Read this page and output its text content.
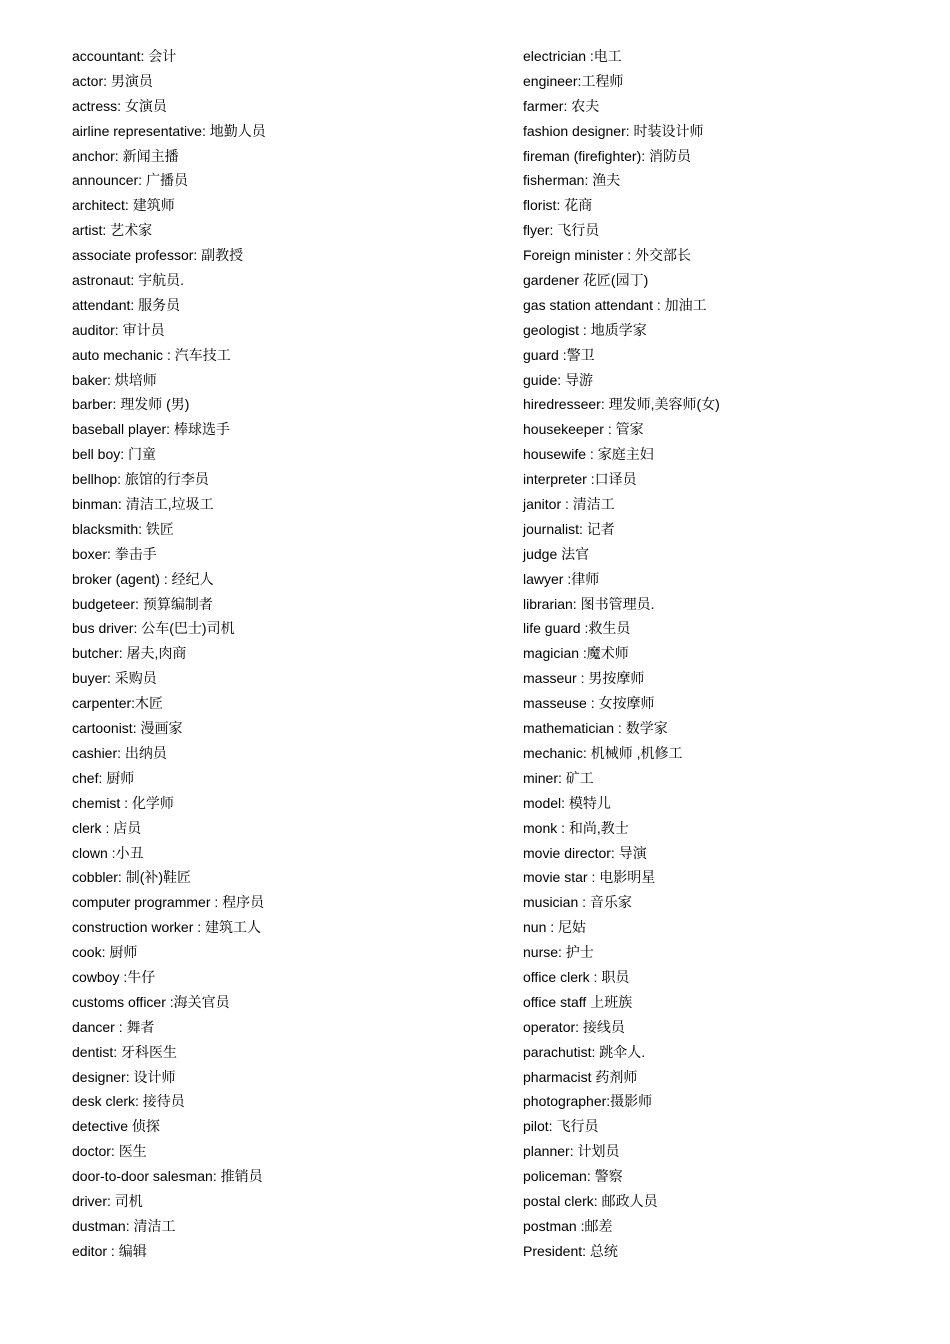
accountant: 会计
actor: 男演员
actress: 女演员
airline representative: 地勤人员
anchor: 新闻主播
announcer: 广播员
architect: 建筑师
artist: 艺术家
associate professor: 副教授
astronaut: 宇航员.
attendant: 服务员
auditor: 审计员
auto mechanic : 汽车技工
baker: 烘培师
barber: 理发师 (男)
baseball player: 棒球选手
bell boy: 门童
bellhop: 旅馆的行李员
binman: 清洁工,垃圾工
blacksmith: 铁匠
boxer: 拳击手
broker (agent) : 经纪人
budgeteer: 预算编制者
bus driver: 公车(巴士)司机
butcher: 屠夫,肉商
buyer: 采购员
carpenter:木匠
cartoonist: 漫画家
cashier: 出纳员
chef: 厨师
chemist : 化学师
clerk : 店员
clown :小丑
cobbler: 制(补)鞋匠
computer programmer : 程序员
construction worker : 建筑工人
cook: 厨师
cowboy :牛仔
customs officer :海关官员
dancer : 舞者
dentist: 牙科医生
designer: 设计师
desk clerk: 接待员
detective 侦探
doctor: 医生
door-to-door salesman: 推销员
driver: 司机
dustman: 清洁工
editor : 编辑
electrician :电工
engineer:工程师
farmer: 农夫
fashion designer: 时装设计师
fireman (firefighter): 消防员
fisherman: 渔夫
florist: 花商
flyer: 飞行员
Foreign minister : 外交部长
gardener 花匠(园丁)
gas station attendant : 加油工
geologist : 地质学家
guard :警卫
guide: 导游
hiredresseer: 理发师,美容师(女)
housekeeper : 管家
housewife : 家庭主妇
interpreter :口译员
janitor : 清洁工
journalist: 记者
judge 法官
lawyer :律师
librarian: 图书管理员.
life guard :救生员
magician :魔术师
masseur : 男按摩师
masseuse : 女按摩师
mathematician : 数学家
mechanic: 机械师 ,机修工
miner: 矿工
model: 模特儿
monk : 和尚,教士
movie director: 导演
movie star : 电影明星
musician : 音乐家
nun : 尼姑
nurse: 护士
office clerk : 职员
office staff 上班族
operator: 接线员
parachutist: 跳伞人.
pharmacist 药剂师
photographer:摄影师
pilot: 飞行员
planner: 计划员
policeman: 警察
postal clerk: 邮政人员
postman :邮差
President: 总统
